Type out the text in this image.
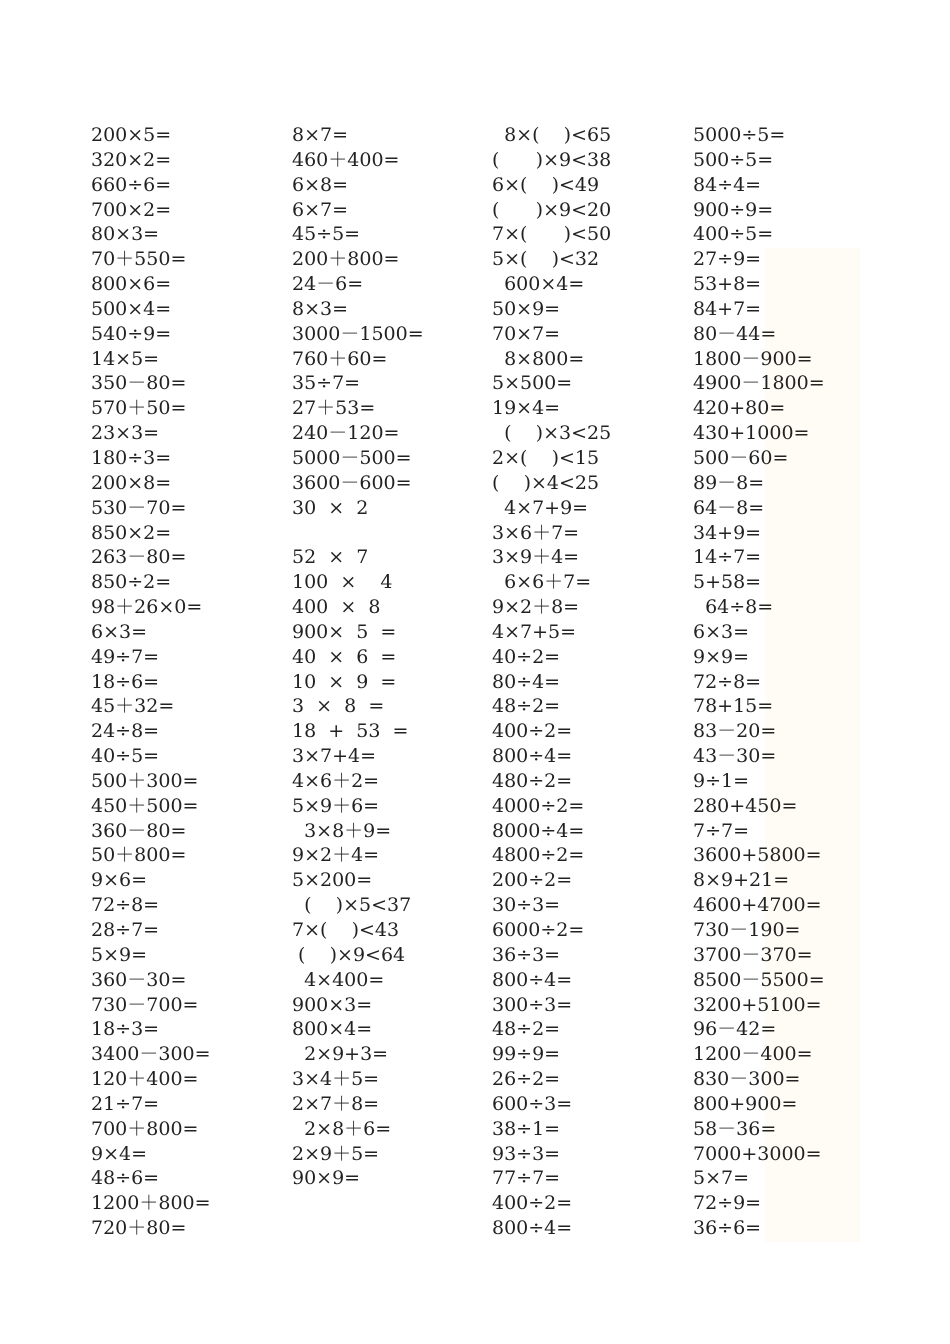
200×5=
320×2=
660÷6=
700×2=
80×3=
70＋550=
800×6=
500×4=
540÷9=
14×5=
350－80=
570＋50=
23×3=
180÷3=
200×8=
530－70=
850×2=
263－80=
850÷2=
98＋26×0=
6×3=
49÷7=
18÷6=
45＋32=
24÷8=
40÷5=
500＋300=
450＋500=
360－80=
50＋800=
9×6=
72÷8=
28÷7=
5×9=
360－30=
730－700=
18÷3=
3400－300=
120＋400=
21÷7=
700＋800=
9×4=
48÷6=
1200＋800=
720＋80=
8×7=
460＋400=
6×8=
6×7=
45÷5=
200＋800=
24－6=
8×3=
3000－1500=
760＋60=
35÷7=
27＋53=
240－120=
5000－500=
3600－600=
30  ×  2
52  ×  7
100  ×    4
400  ×  8
900×  5  =
40  ×  6  =
10  ×  9  =
3  ×  8  =
18  +  53  =
3×7+4=
4×6＋2=
5×9＋6=
3×8＋9=
9×2＋4=
5×200=
(    )×5<37
7×(    )<43
(    )×9<64
4×400=
900×3=
800×4=
2×9+3=
3×4＋5=
2×7＋8=
2×8＋6=
2×9＋5=
90×9=
8×(    )<65
(      )×9<38
6×(    )<49
(      )×9<20
7×(      )<50
5×(    )<32
600×4=
50×9=
70×7=
8×800=
5×500=
19×4=
(    )×3<25
2×(    )<15
(    )×4<25
4×7+9=
3×6＋7=
3×9＋4=
6×6＋7=
9×2＋8=
4×7+5=
40÷2=
80÷4=
48÷2=
400÷2=
800÷4=
480÷2=
4000÷2=
8000÷4=
4800÷2=
200÷2=
30÷3=
6000÷2=
36÷3=
800÷4=
300÷3=
48÷2=
99÷9=
26÷2=
600÷3=
38÷1=
93÷3=
77÷7=
400÷2=
800÷4=
5000÷5=
500÷5=
84÷4=
900÷9=
400÷5=
27÷9=
53+8=
84+7=
80－44=
1800－900=
4900－1800=
420+80=
430+1000=
500－60=
89－8=
64－8=
34+9=
14÷7=
5+58=
64÷8=
6×3=
9×9=
72÷8=
78+15=
83－20=
43－30=
9÷1=
280+450=
7÷7=
3600+5800=
8×9+21=
4600+4700=
730－190=
3700－370=
8500－5500=
3200+5100=
96－42=
1200－400=
830－300=
800+900=
58－36=
7000+3000=
5×7=
72÷9=
36÷6=
